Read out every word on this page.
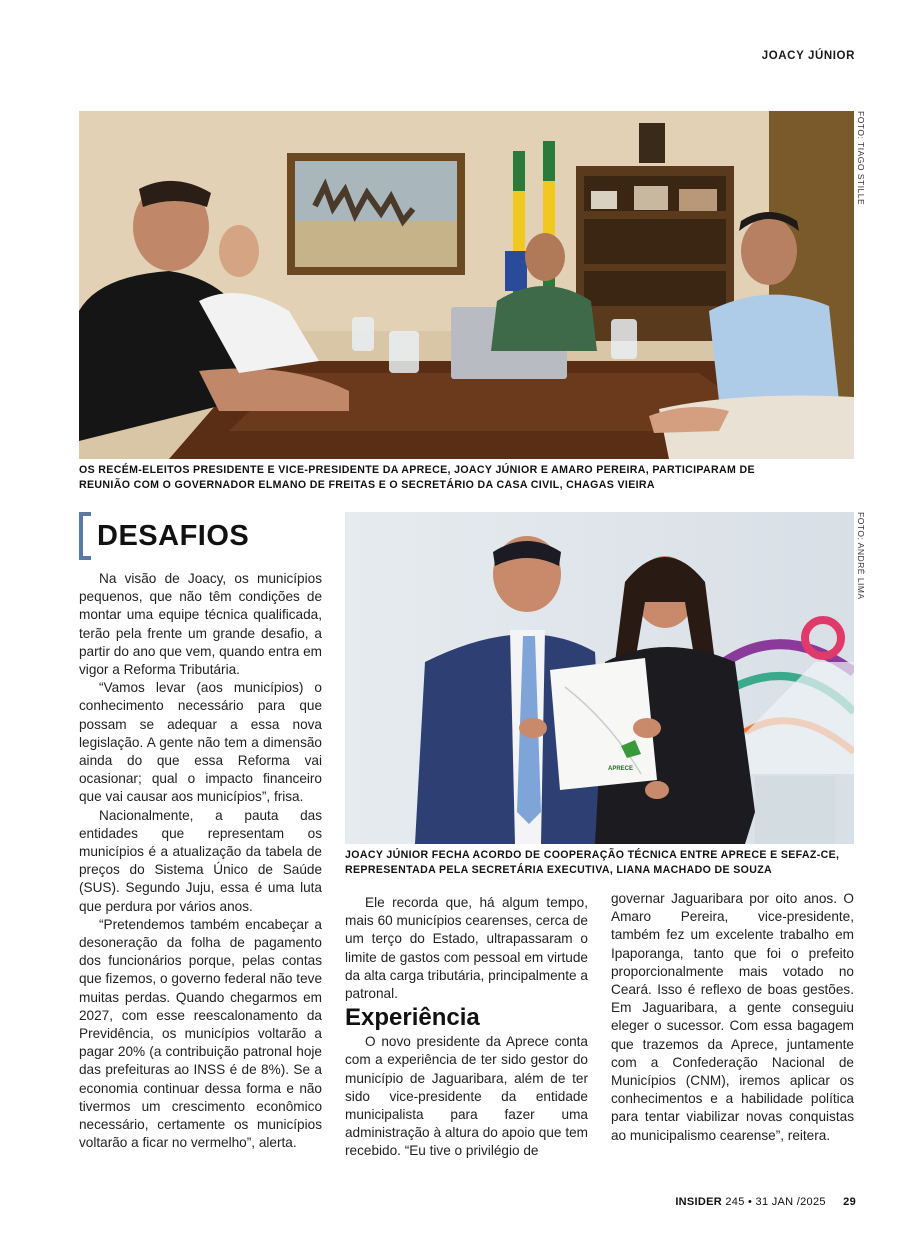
JOACY JÚNIOR
FOTO: TIAGO STILLE
OS RECÉM-ELEITOS PRESIDENTE E VICE-PRESIDENTE DA APRECE, JOACY JÚNIOR E AMARO PEREIRA, PARTICIPARAM DE REUNIÃO COM O GOVERNADOR ELMANO DE FREITAS E O SECRETÁRIO DA CASA CIVIL, CHAGAS VIEIRA
DESAFIOS

Na visão de Joacy, os municípios pequenos, que não têm condições de montar uma equipe técnica qualificada, terão pela frente um grande desafio, a partir do ano que vem, quando entra em vigor a Reforma Tributária.

“Vamos levar (aos municípios) o conhecimento necessário para que possam se adequar a essa nova legislação. A gente não tem a dimensão ainda do que essa Reforma vai ocasionar; qual o impacto financeiro que vai causar aos municípios”, frisa.

Nacionalmente, a pauta das entidades que representam os municípios é a atualização da tabela de preços do Sistema Único de Saúde (SUS). Segundo Juju, essa é uma luta que perdura por vários anos.

“Pretendemos também encabeçar a desoneração da folha de pagamento dos funcionários porque, pelas contas que fizemos, o governo federal não teve muitas perdas. Quando chegarmos em 2027, com esse reescalonamento da Previdência, os municípios voltarão a pagar 20% (a contribuição patronal hoje das prefeituras ao INSS é de 8%). Se a economia continuar dessa forma e não tivermos um crescimento econômico necessário, certamente os municípios voltarão a ficar no vermelho”, alerta.

APRECE
FOTO: ANDRÉ LIMA
JOACY JÚNIOR FECHA ACORDO DE COOPERAÇÃO TÉCNICA ENTRE APRECE E SEFAZ-CE, REPRESENTADA PELA SECRETÁRIA EXECUTIVA, LIANA MACHADO DE SOUZA

Ele recorda que, há algum tempo, mais 60 municípios cearenses, cerca de um terço do Estado, ultrapassaram o limite de gastos com pessoal em virtude da alta carga tributária, principalmente a patronal.

Experiência

O novo presidente da Aprece conta com a experiência de ter sido gestor do município de Jaguaribara, além de ter sido vice-presidente da entidade municipalista para fazer uma administração à altura do apoio que tem recebido. “Eu tive o privilégio de

governar Jaguaribara por oito anos. O Amaro Pereira, vice-presidente, também fez um excelente trabalho em Ipaporanga, tanto que foi o prefeito proporcionalmente mais votado no Ceará. Isso é reflexo de boas gestões. Em Jaguaribara, a gente conseguiu eleger o sucessor. Com essa bagagem que trazemos da Aprece, juntamente com a Confederação Nacional de Municípios (CNM), iremos aplicar os conhecimentos e a habilidade política para tentar viabilizar novas conquistas ao municipalismo cearense”, reitera.

INSIDER 245 • 31 JAN /2025 29
